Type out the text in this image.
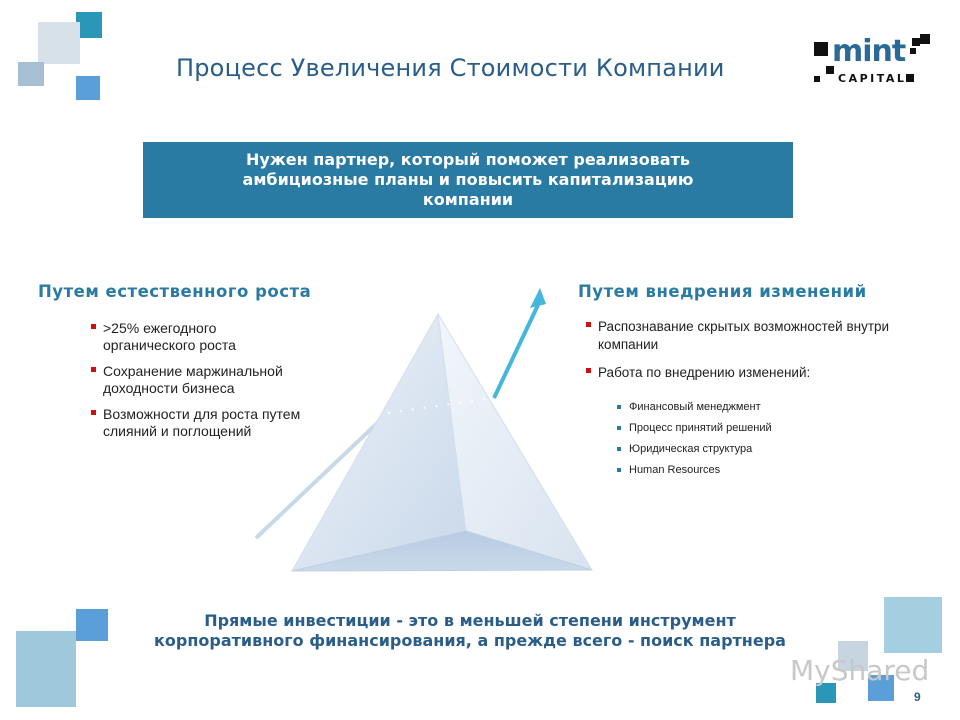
Процесс Увеличения Стоимости Компании	mint
CAPITAL
Нужен партнер, который поможет реализовать амбициозные планы и повысить капитализацию компании
Путем естественного роста	Путем внедрения изменений
>25% ежегодного органического роста
Сохранение маржинальной доходности бизнеса
Возможности для роста путем слияний и поглощений
Распознавание скрытых возможностей внутри компании
Работа по внедрению изменений:
Финансовый менеджмент
Процесс принятий решений
Юридическая структура
Human Resources
MyShared
Прямые инвестиции - это в меньшей степени инструмент корпоративного финансирования, а прежде всего - поиск партнера
9
